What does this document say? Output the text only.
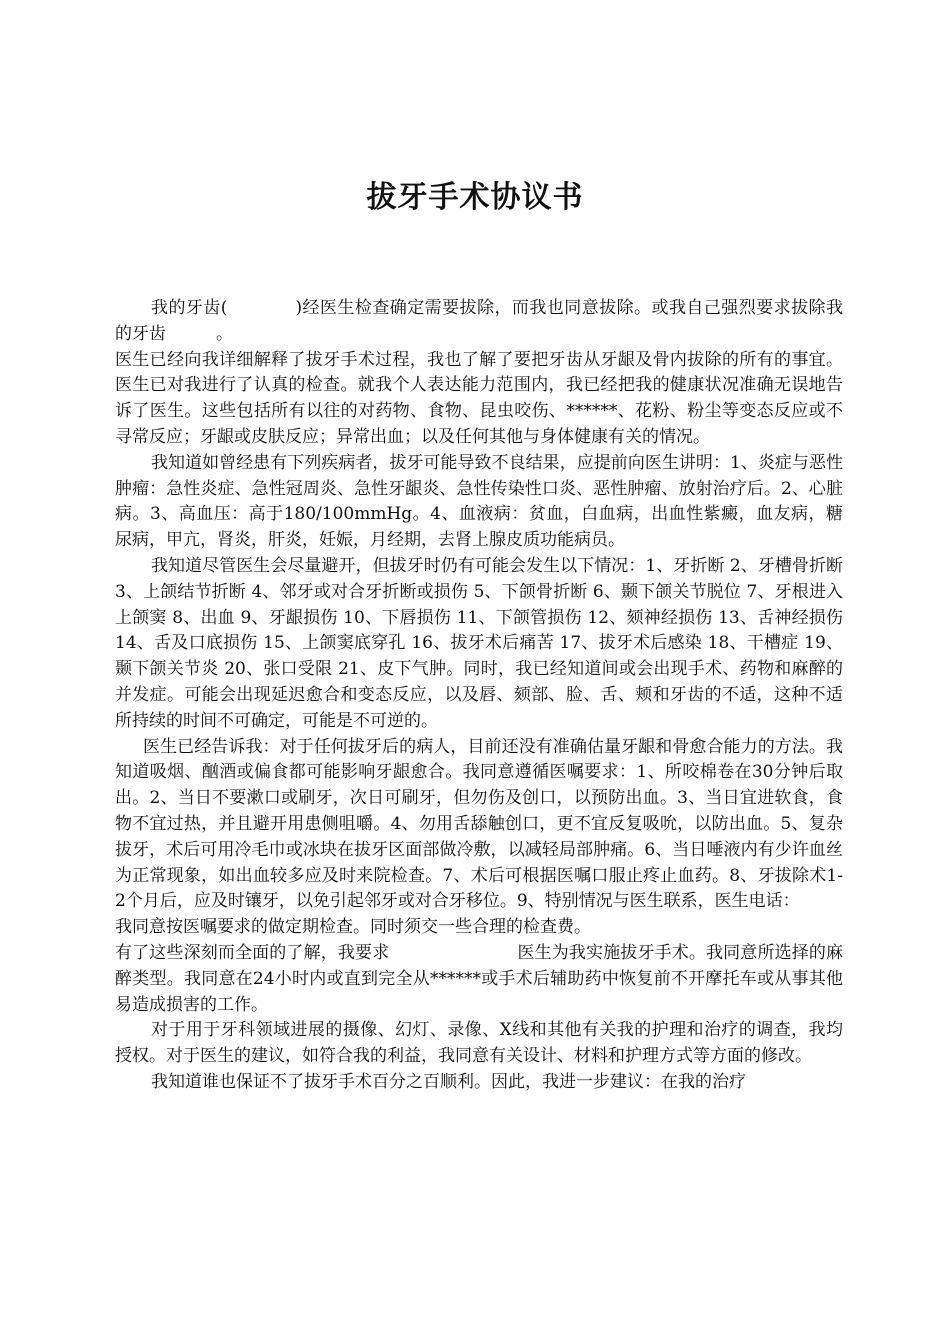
拔牙手术协议书

我的牙齿(	)经医生检查确定需要拔除，而我也同意拔除。或我自己强烈要求拔除我的牙齿	。

医生已经向我详细解释了拔牙手术过程，我也了解了要把牙齿从牙龈及骨内拔除的所有的事宜。医生已对我进行了认真的检查。就我个人表达能力范围内，我已经把我的健康状况准确无误地告诉了医生。这些包括所有以往的对药物、食物、昆虫咬伤、******、花粉、粉尘等变态反应或不寻常反应；牙龈或皮肤反应；异常出血；以及任何其他与身体健康有关的情况。

我知道如曾经患有下列疾病者，拔牙可能导致不良结果，应提前向医生讲明：1、炎症与恶性肿瘤：急性炎症、急性冠周炎、急性牙龈炎、急性传染性口炎、恶性肿瘤、放射治疗后。2、心脏病。3、高血压：高于180/100mmHg。4、血液病：贫血，白血病，出血性紫癜，血友病，糖尿病，甲亢，肾炎，肝炎，妊娠，月经期，去肾上腺皮质功能病员。

我知道尽管医生会尽量避开，但拔牙时仍有可能会发生以下情况：1、牙折断 2、牙槽骨折断 3、上颌结节折断 4、邻牙或对合牙折断或损伤 5、下颌骨折断 6、颞下颌关节脱位 7、牙根进入上颌窦 8、出血 9、牙龈损伤 10、下唇损伤 11、下颌管损伤 12、颏神经损伤 13、舌神经损伤 14、舌及口底损伤 15、上颌窦底穿孔 16、拔牙术后痛苦 17、拔牙术后感染 18、干槽症 19、颞下颌关节炎 20、张口受限 21、皮下气肿。同时，我已经知道间或会出现手术、药物和麻醉的并发症。可能会出现延迟愈合和变态反应，以及唇、颏部、脸、舌、颊和牙齿的不适，这种不适所持续的时间不可确定，可能是不可逆的。

医生已经告诉我：对于任何拔牙后的病人，目前还没有准确估量牙龈和骨愈合能力的方法。我知道吸烟、酗酒或偏食都可能影响牙龈愈合。我同意遵循医嘱要求：1、所咬棉卷在30分钟后取出。2、当日不要漱口或刷牙，次日可刷牙，但勿伤及创口，以预防出血。3、当日宜进软食，食物不宜过热，并且避开用患侧咀嚼。4、勿用舌舔触创口，更不宜反复吸吮，以防出血。5、复杂拔牙，术后可用冷毛巾或冰块在拔牙区面部做冷敷，以减轻局部肿痛。6、当日唾液内有少许血丝为正常现象，如出血较多应及时来院检查。7、术后可根据医嘱口服止疼止血药。8、牙拔除术1-2个月后，应及时镶牙，以免引起邻牙或对合牙移位。9、特别情况与医生联系，医生电话：

我同意按医嘱要求的做定期检查。同时须交一些合理的检查费。

有了这些深刻而全面的了解，我要求	医生为我实施拔牙手术。我同意所选择的麻醉类型。我同意在24小时内或直到完全从******或手术后辅助药中恢复前不开摩托车或从事其他易造成损害的工作。

对于用于牙科领域进展的摄像、幻灯、录像、X线和其他有关我的护理和治疗的调查，我均授权。对于医生的建议，如符合我的利益，我同意有关设计、材料和护理方式等方面的修改。

我知道谁也保证不了拔牙手术百分之百顺利。因此，我进一步建议：在我的治疗
